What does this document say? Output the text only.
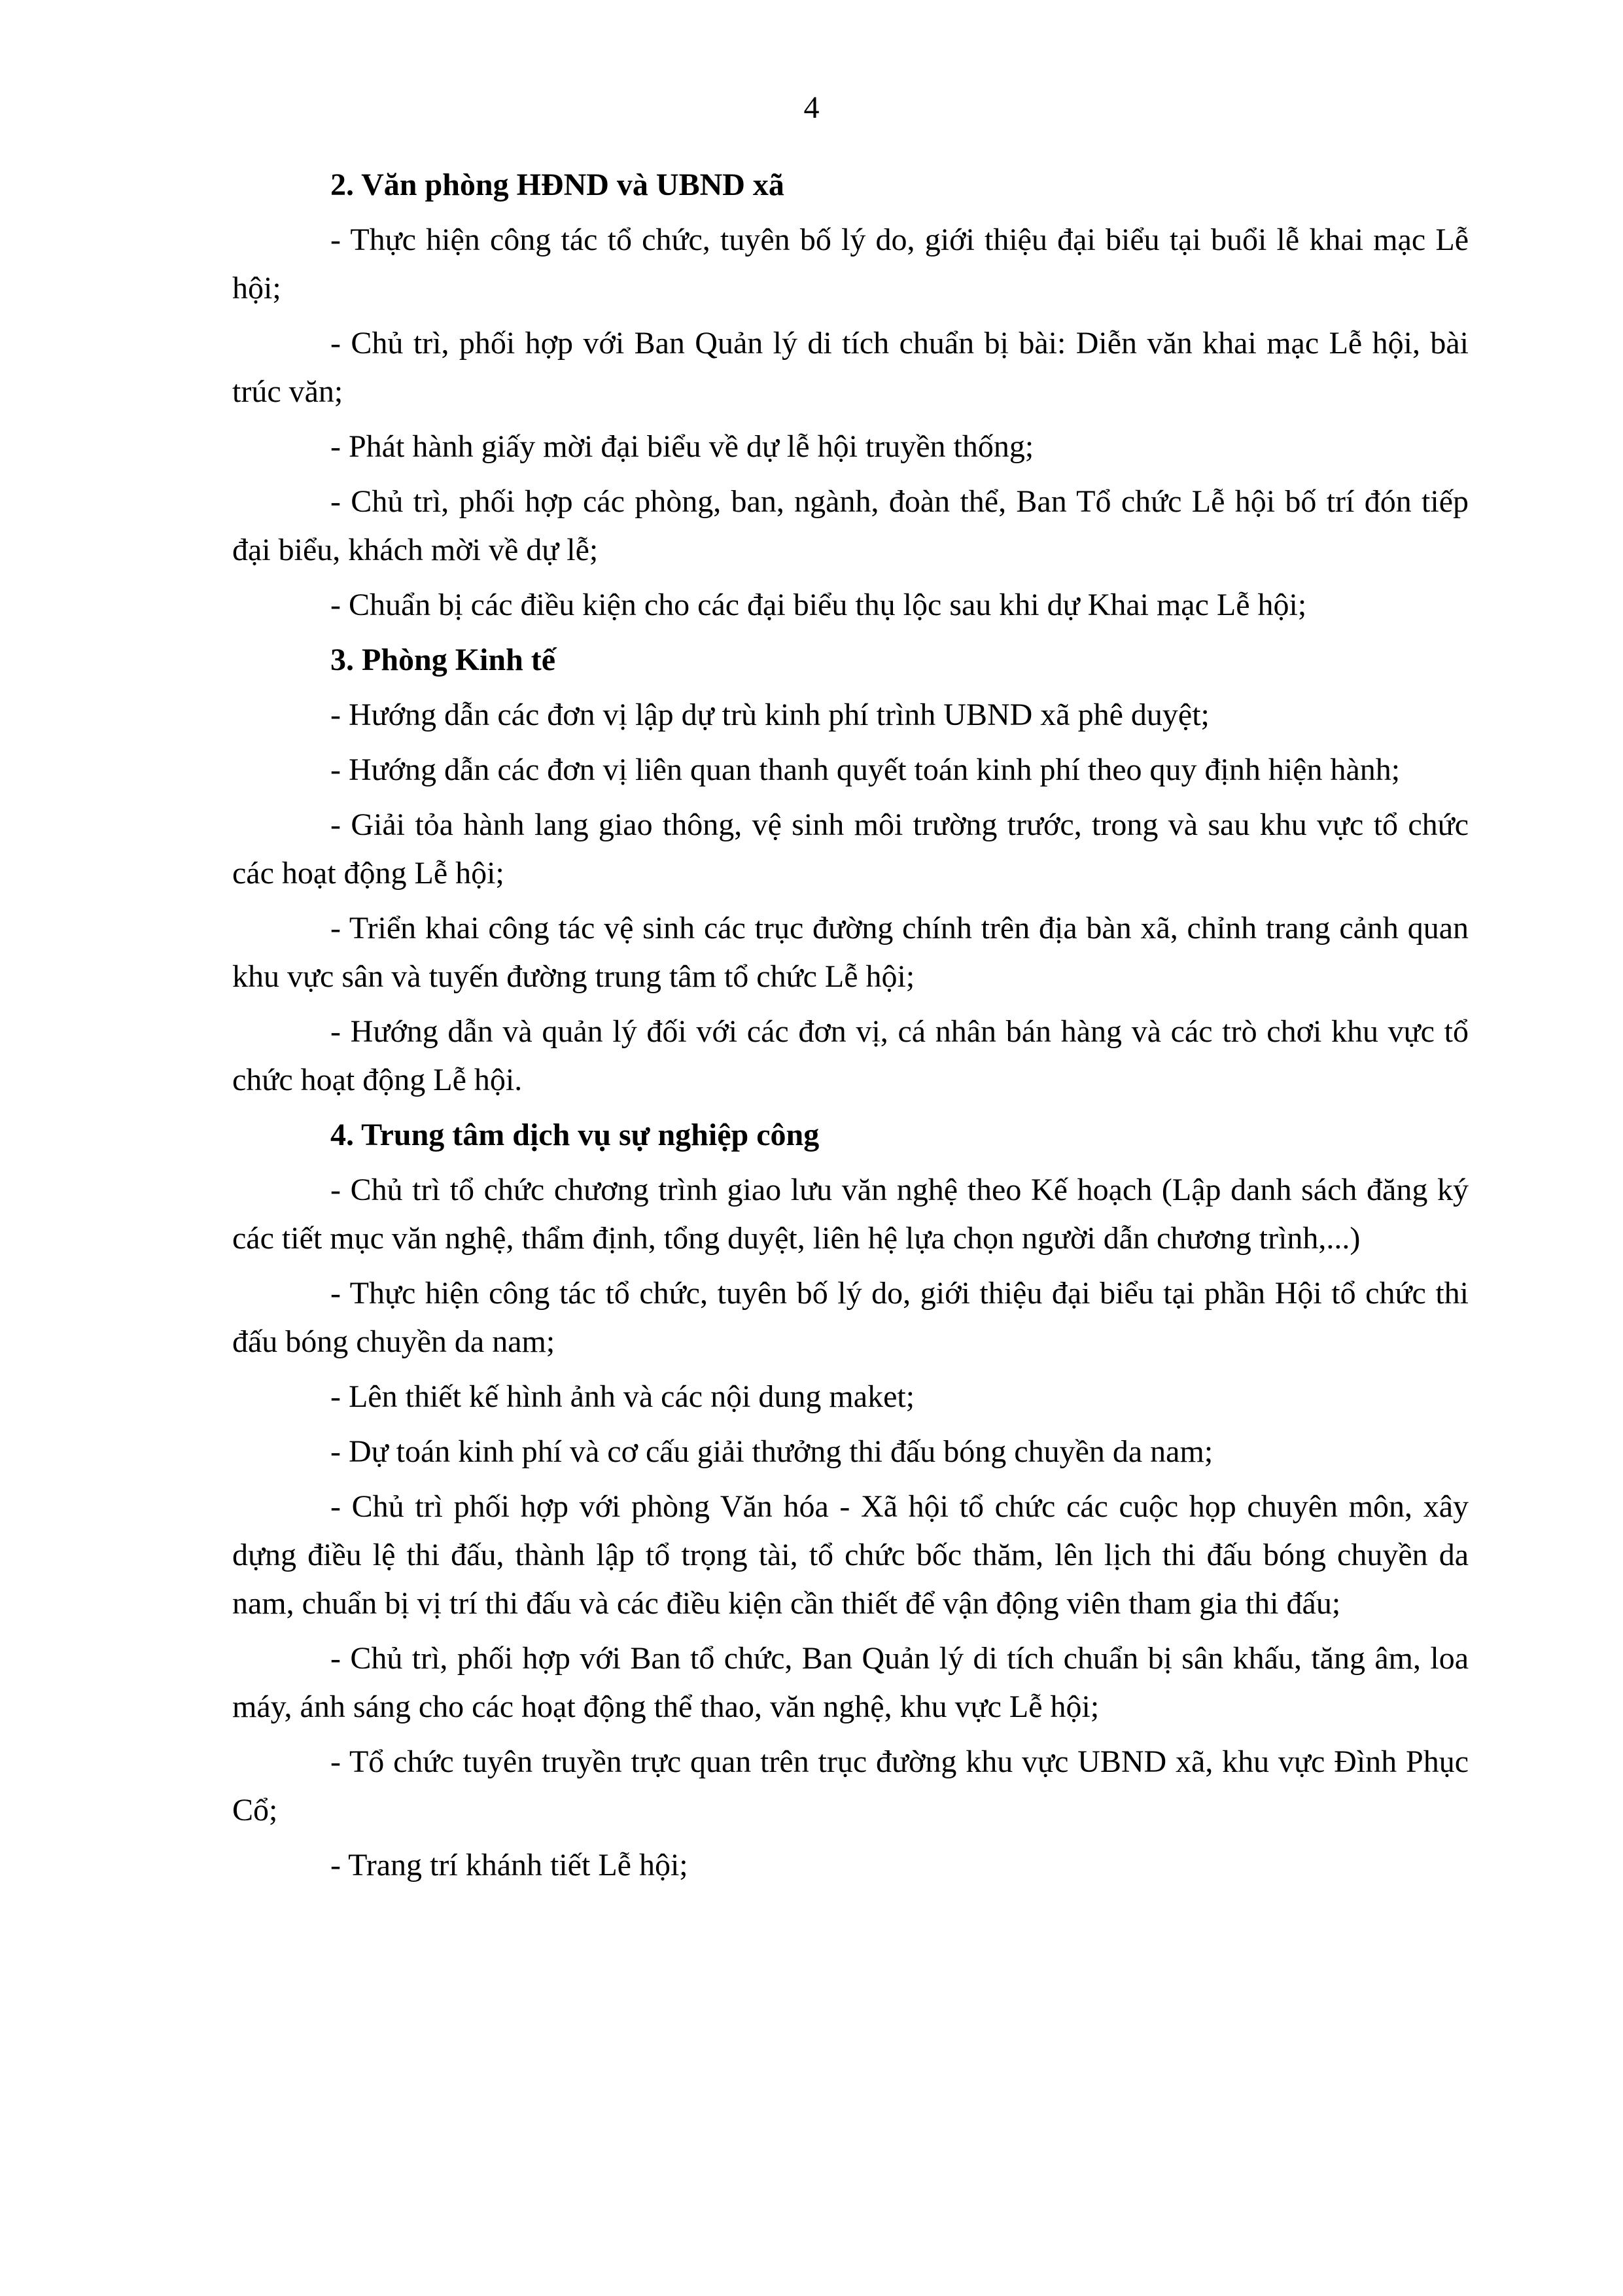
4

2. Văn phòng HĐND và UBND xã

- Thực hiện công tác tổ chức, tuyên bố lý do, giới thiệu đại biểu tại buổi lễ khai mạc Lễ hội;

- Chủ trì, phối hợp với Ban Quản lý di tích chuẩn bị bài: Diễn văn khai mạc Lễ hội, bài trúc văn;

- Phát hành giấy mời đại biểu về dự lễ hội truyền thống;

- Chủ trì, phối hợp các phòng, ban, ngành, đoàn thể, Ban Tổ chức Lễ hội bố trí đón tiếp đại biểu, khách mời về dự lễ;

- Chuẩn bị các điều kiện cho các đại biểu thụ lộc sau khi dự Khai mạc Lễ hội;

3. Phòng Kinh tế

- Hướng dẫn các đơn vị lập dự trù kinh phí trình UBND xã phê duyệt;

- Hướng dẫn các đơn vị liên quan thanh quyết toán kinh phí theo quy định hiện hành;

- Giải tỏa hành lang giao thông, vệ sinh môi trường trước, trong và sau khu vực tổ chức các hoạt động Lễ hội;

- Triển khai công tác vệ sinh các trục đường chính trên địa bàn xã, chỉnh trang cảnh quan khu vực sân và tuyến đường trung tâm tổ chức Lễ hội;

- Hướng dẫn và quản lý đối với các đơn vị, cá nhân bán hàng và các trò chơi khu vực tổ chức hoạt động Lễ hội.

4. Trung tâm dịch vụ sự nghiệp công

- Chủ trì tổ chức chương trình giao lưu văn nghệ theo Kế hoạch (Lập danh sách đăng ký các tiết mục văn nghệ, thẩm định, tổng duyệt, liên hệ lựa chọn người dẫn chương trình,...)

- Thực hiện công tác tổ chức, tuyên bố lý do, giới thiệu đại biểu tại phần Hội tổ chức thi đấu bóng chuyền da nam;

- Lên thiết kế hình ảnh và các nội dung maket;

- Dự toán kinh phí và cơ cấu giải thưởng thi đấu bóng chuyền da nam;

- Chủ trì phối hợp với phòng Văn hóa - Xã hội tổ chức các cuộc họp chuyên môn, xây dựng điều lệ thi đấu, thành lập tổ trọng tài, tổ chức bốc thăm, lên lịch thi đấu bóng chuyền da nam, chuẩn bị vị trí thi đấu và các điều kiện cần thiết để vận động viên tham gia thi đấu;

- Chủ trì, phối hợp với Ban tổ chức, Ban Quản lý di tích chuẩn bị sân khấu, tăng âm, loa máy, ánh sáng cho các hoạt động thể thao, văn nghệ, khu vực Lễ hội;

- Tổ chức tuyên truyền trực quan trên trục đường khu vực UBND xã, khu vực Đình Phục Cổ;

- Trang trí khánh tiết Lễ hội;
